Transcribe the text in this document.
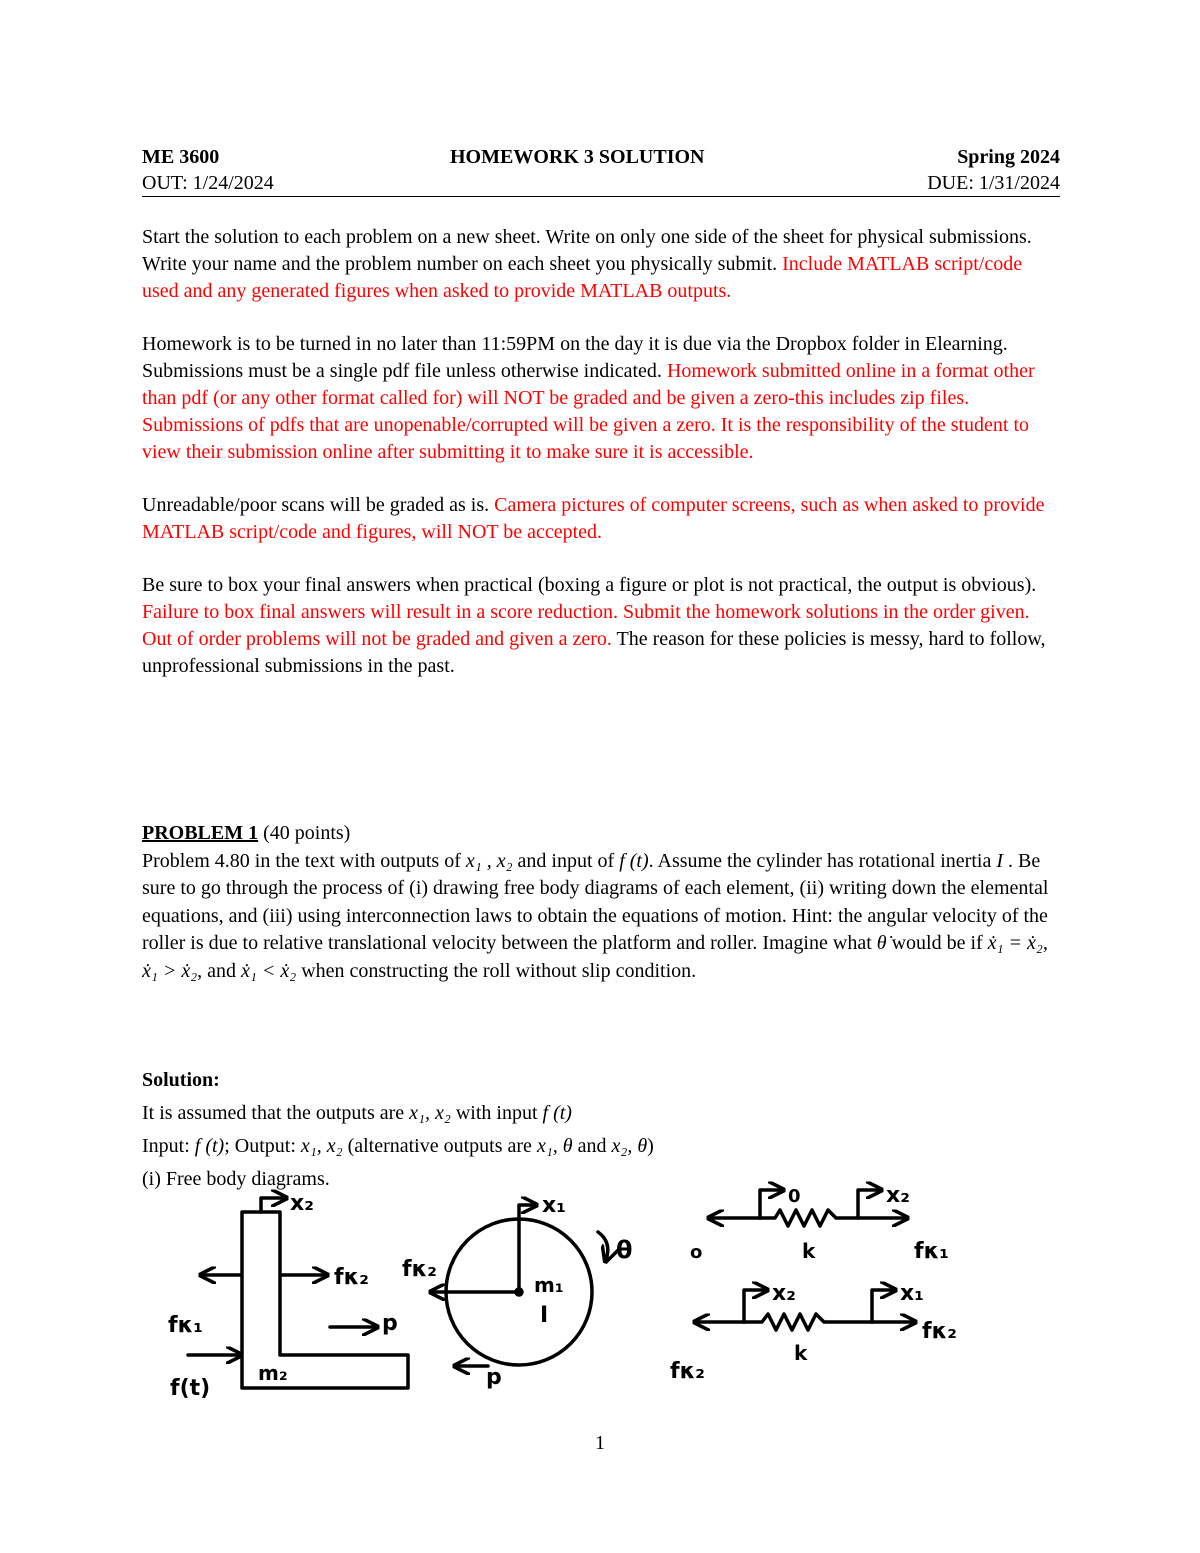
ME 3600	HOMEWORK 3 SOLUTION	Spring 2024
OUT: 1/24/2024	DUE: 1/31/2024

Start the solution to each problem on a new sheet. Write on only one side of the sheet for physical submissions. Write your name and the problem number on each sheet you physically submit. Include MATLAB script/code used and any generated figures when asked to provide MATLAB outputs.

Homework is to be turned in no later than 11:59PM on the day it is due via the Dropbox folder in Elearning. Submissions must be a single pdf file unless otherwise indicated. Homework submitted online in a format other than pdf (or any other format called for) will NOT be graded and be given a zero-this includes zip files. Submissions of pdfs that are unopenable/corrupted will be given a zero. It is the responsibility of the student to view their submission online after submitting it to make sure it is accessible.

Unreadable/poor scans will be graded as is. Camera pictures of computer screens, such as when asked to provide MATLAB script/code and figures, will NOT be accepted.

Be sure to box your final answers when practical (boxing a figure or plot is not practical, the output is obvious). Failure to box final answers will result in a score reduction. Submit the homework solutions in the order given. Out of order problems will not be graded and given a zero. The reason for these policies is messy, hard to follow, unprofessional submissions in the past.

PROBLEM 1 (40 points)
Problem 4.80 in the text with outputs of x₁ , x₂ and input of f (t). Assume the cylinder has rotational inertia I . Be sure to go through the process of (i) drawing free body diagrams of each element, (ii) writing down the elemental equations, and (iii) using interconnection laws to obtain the equations of motion. Hint: the angular velocity of the roller is due to relative translational velocity between the platform and roller. Imagine what θ̇ would be if ẋ₁ = ẋ₂, ẋ₁ > ẋ₂, and ẋ₁ < ẋ₂ when constructing the roll without slip condition.
Solution:
It is assumed that the outputs are x₁, x₂ with input f (t)
Input: f (t); Output: x₁, x₂ (alternative outputs are x₁, θ and x₂, θ)
(i) Free body diagrams.
x₂
fκ₁
fκ₂
p
m₂
f(t)
x₁
fκ₂
m₁
I
p
θ
0	x₂
o	k	fκ₁
x₂	x₁
k
fκ₂
fκ₂
1
